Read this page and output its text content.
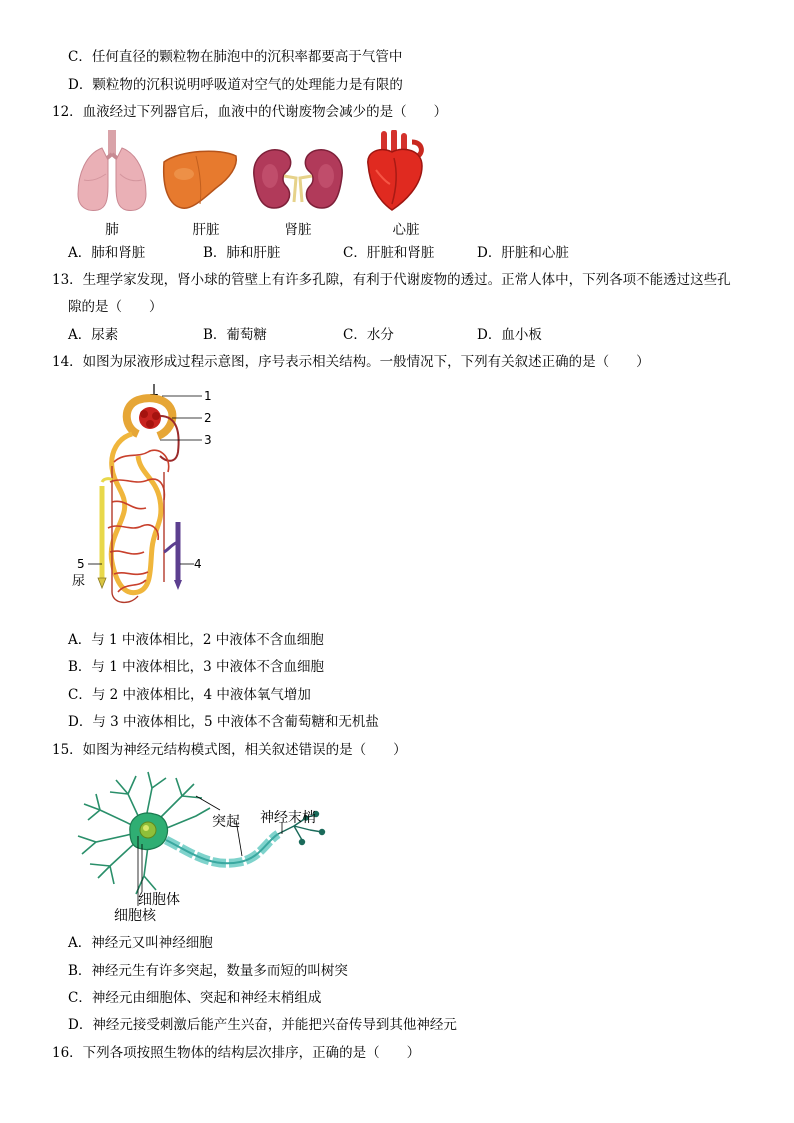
C．任何直径的颗粒物在肺泡中的沉积率都要高于气管中
D．颗粒物的沉积说明呼吸道对空气的处理能力是有限的
12．血液经过下列器官后，血液中的代谢废物会减少的是（　　）
肺	肝脏	肾脏	心脏
A．肺和肾脏	B．肺和肝脏	C．肝脏和肾脏	D．肝脏和心脏
13．生理学家发现，肾小球的管壁上有许多孔隙，有利于代谢废物的透过。正常人体中，下列各项不能透过这些孔
隙的是（　　）
A．尿素	B．葡萄糖	C．水分	D．血小板
14．如图为尿液形成过程示意图，序号表示相关结构。一般情况下，下列有关叙述正确的是（　　）
1
2
3
4
5
尿
A．与 1 中液体相比，2 中液体不含血细胞
B．与 1 中液体相比，3 中液体不含血细胞
C．与 2 中液体相比，4 中液体氧气增加
D．与 3 中液体相比，5 中液体不含葡萄糖和无机盐
15．如图为神经元结构模式图，相关叙述错误的是（　　）
突起 神经末梢
细胞体
细胞核
A．神经元又叫神经细胞
B．神经元生有许多突起，数量多而短的叫树突
C．神经元由细胞体、突起和神经末梢组成
D．神经元接受刺激后能产生兴奋，并能把兴奋传导到其他神经元
16．下列各项按照生物体的结构层次排序，正确的是（　　）
